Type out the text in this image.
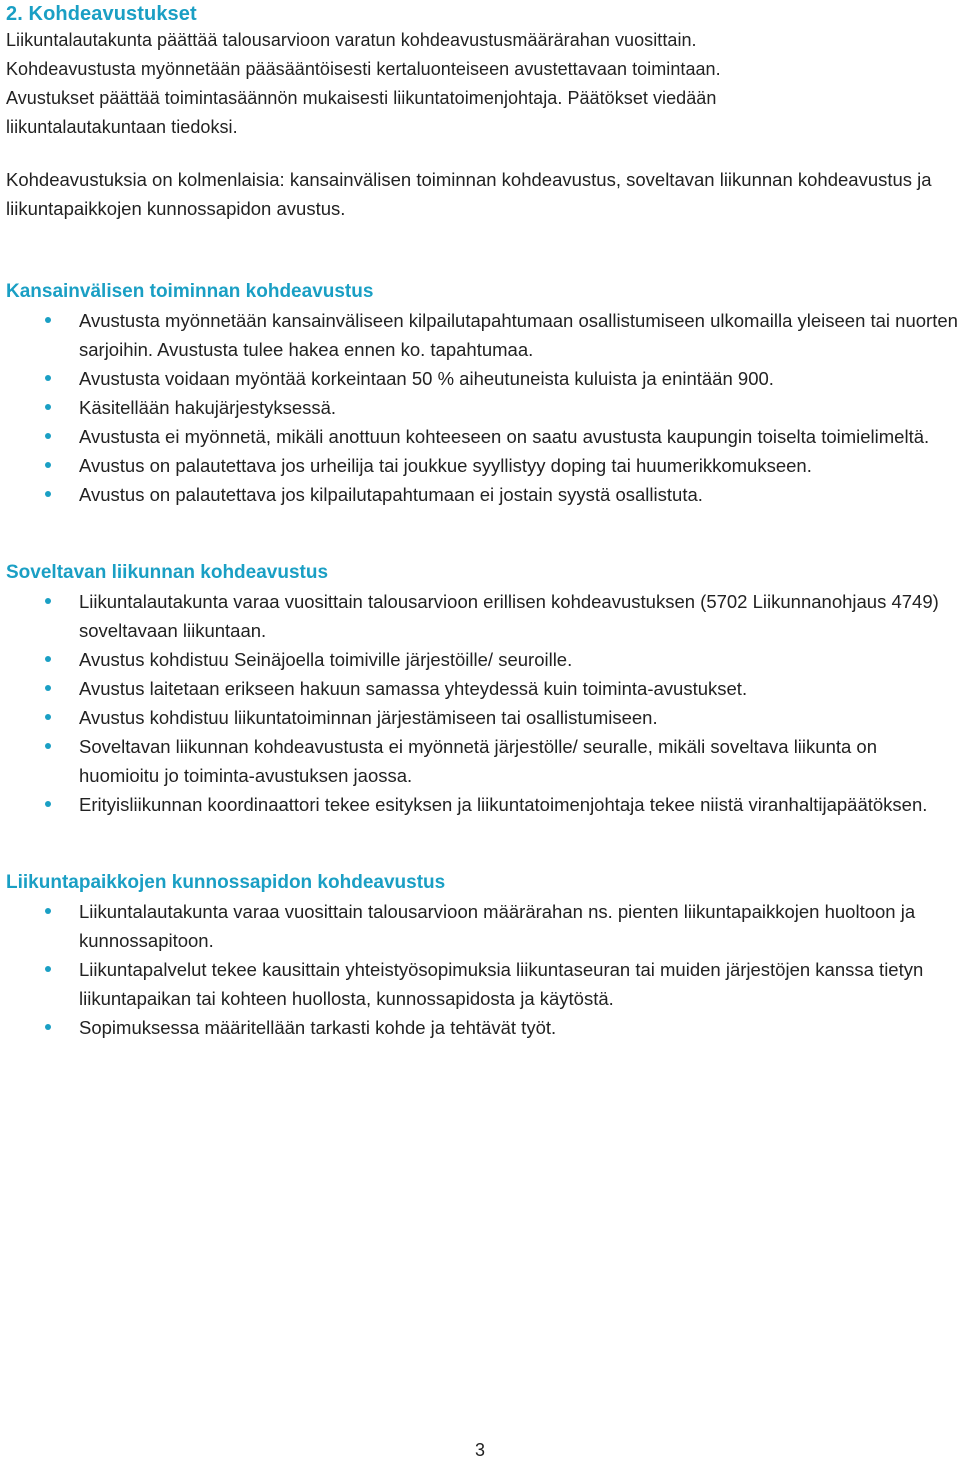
2. Kohdeavustukset

Liikuntalautakunta päättää talousarvioon varatun kohdeavustusmäärärahan vuosittain.

Kohdeavustusta myönnetään pääsääntöisesti kertaluonteiseen avustettavaan toimintaan.

Avustukset päättää toimintasäännön mukaisesti liikuntatoimenjohtaja. Päätökset viedään

liikuntalautakuntaan tiedoksi.

Kohdeavustuksia on kolmenlaisia: kansainvälisen toiminnan kohdeavustus, soveltavan liikunnan kohdeavustus ja liikuntapaikkojen kunnossapidon avustus.

Kansainvälisen toiminnan kohdeavustus
Avustusta myönnetään kansainväliseen kilpailutapahtumaan osallistumiseen ulkomailla yleiseen tai nuorten sarjoihin. Avustusta tulee hakea ennen ko. tapahtumaa.
Avustusta voidaan myöntää korkeintaan 50 % aiheutuneista kuluista ja enintään 900.
Käsitellään hakujärjestyksessä.
Avustusta ei myönnetä, mikäli anottuun kohteeseen on saatu avustusta kaupungin toiselta toimielimeltä.
Avustus on palautettava jos urheilija tai joukkue syyllistyy doping tai huumerikkomukseen.
Avustus on palautettava jos kilpailutapahtumaan ei jostain syystä osallistuta.
Soveltavan liikunnan kohdeavustus
Liikuntalautakunta varaa vuosittain talousarvioon erillisen kohdeavustuksen (5702 Liikunnanohjaus 4749) soveltavaan liikuntaan.
Avustus kohdistuu Seinäjoella toimiville järjestöille/ seuroille.
Avustus laitetaan erikseen hakuun samassa yhteydessä kuin toiminta-avustukset.
Avustus kohdistuu liikuntatoiminnan järjestämiseen tai osallistumiseen.
Soveltavan liikunnan kohdeavustusta ei myönnetä järjestölle/ seuralle, mikäli soveltava liikunta on huomioitu jo toiminta-avustuksen jaossa.
Erityisliikunnan koordinaattori tekee esityksen ja liikuntatoimenjohtaja tekee niistä viranhaltijapäätöksen.
Liikuntapaikkojen kunnossapidon kohdeavustus
Liikuntalautakunta varaa vuosittain talousarvioon määrärahan ns. pienten liikuntapaikkojen huoltoon ja kunnossapitoon.
Liikuntapalvelut tekee kausittain yhteistyösopimuksia liikuntaseuran tai muiden järjestöjen kanssa tietyn liikuntapaikan tai kohteen huollosta, kunnossapidosta ja käytöstä.
Sopimuksessa määritellään tarkasti kohde ja tehtävät työt.
3
